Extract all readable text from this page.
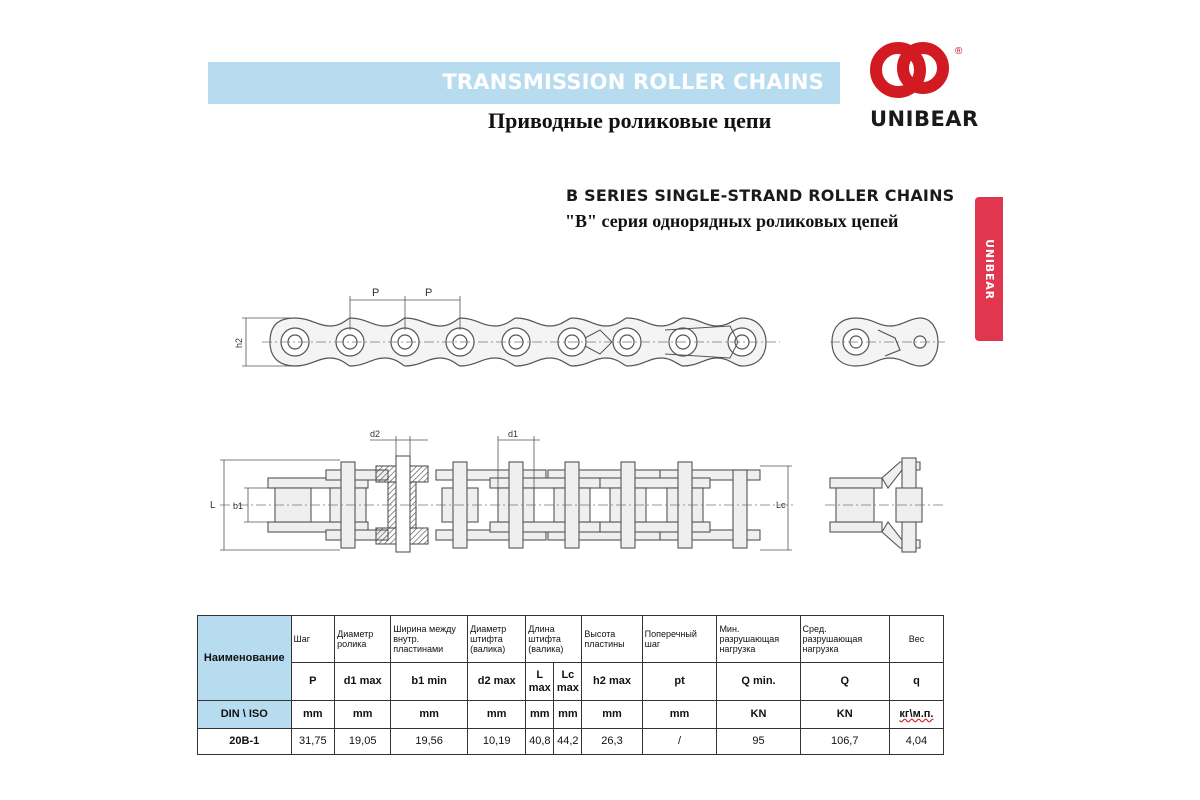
TRANSMISSION ROLLER CHAINS
Приводные роликовые цепи
®
UNIBEAR
B SERIES SINGLE-STRAND ROLLER CHAINS
"B" серия однорядных роликовых цепей
UNIBEAR
P	P
h2
d2	d1
L b1	Lc
Наименование	Шаг	Диаметр ролика	Ширина между внутр. пластинами	Диаметр штифта (валика)	Длина штифта (валика)		Высота пластины	Поперечный шаг	Мин. разрушающая нагрузка	Сред. разрушающая нагрузка	Вес
	P	d1 max	b1 min	d2 max	L max	Lc max	h2 max	pt	Q min.	Q	q
DIN \ ISO	mm	mm	mm	mm	mm	mm	mm	mm	KN	KN	кг\м.п.
20B-1	31,75	19,05	19,56	10,19	40,8	44,2	26,3	/	95	106,7	4,04
